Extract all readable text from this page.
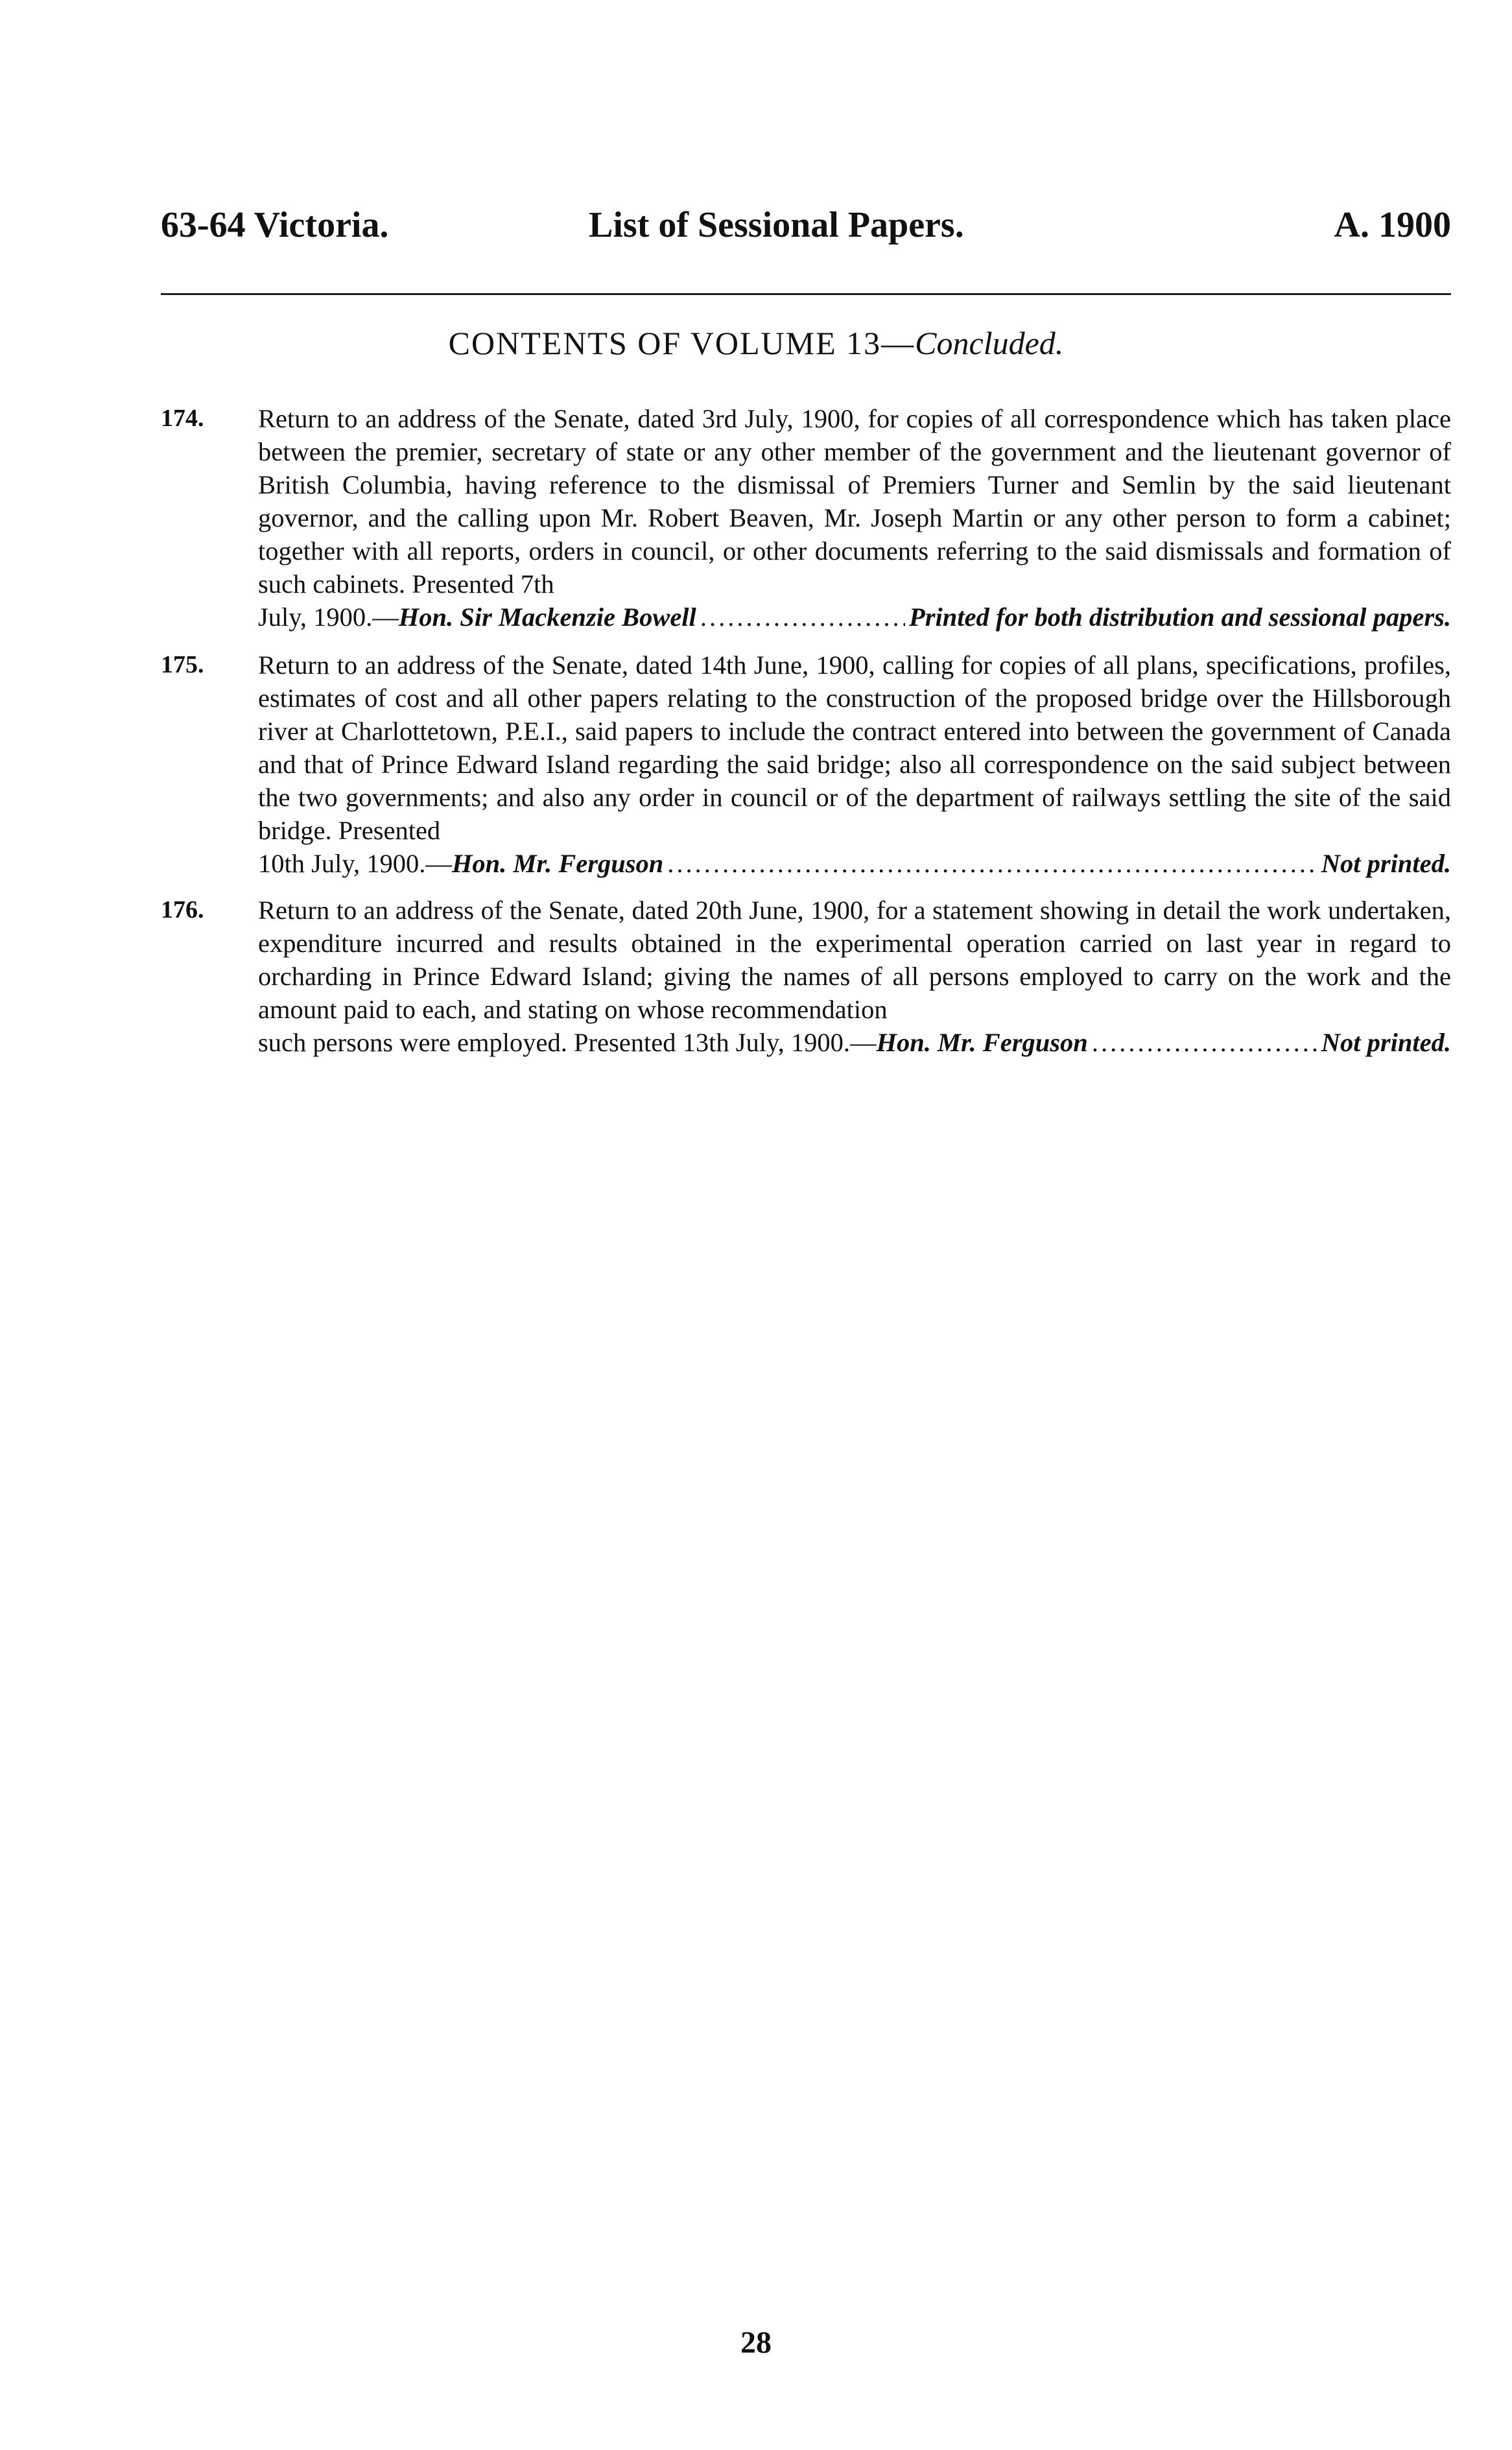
63-64 Victoria.	List of Sessional Papers.	A. 1900
CONTENTS OF VOLUME 13—Concluded.
174. Return to an address of the Senate, dated 3rd July, 1900, for copies of all correspondence which has taken place between the premier, secretary of state or any other member of the government and the lieutenant governor of British Columbia, having reference to the dismissal of Premiers Turner and Semlin by the said lieutenant governor, and the calling upon Mr. Robert Beaven, Mr. Joseph Martin or any other person to form a cabinet; together with all reports, orders in council, or other documents referring to the said dismissals and formation of such cabinets. Presented 7th
July, 1900.— Hon. Sir Mackenzie Bowell .....	Printed for both distribution and sessional papers.
175. Return to an address of the Senate, dated 14th June, 1900, calling for copies of all plans, specifications, profiles, estimates of cost and all other papers relating to the construction of the proposed bridge over the Hillsborough river at Charlottetown, P.E.I., said papers to include the contract entered into between the government of Canada and that of Prince Edward Island regarding the said bridge; also all correspondence on the said subject between the two governments; and also any order in council or of the department of railways settling the site of the said bridge. Presented
10th July, 1900.— Hon. Mr. Ferguson .....	Not printed.
176. Return to an address of the Senate, dated 20th June, 1900, for a statement showing in detail the work undertaken, expenditure incurred and results obtained in the experimental operation carried on last year in regard to orcharding in Prince Edward Island; giving the names of all persons employed to carry on the work and the amount paid to each, and stating on whose recommendation
such persons were employed. Presented 13th July, 1900.— Hon. Mr. Ferguson .....	Not printed.
28
